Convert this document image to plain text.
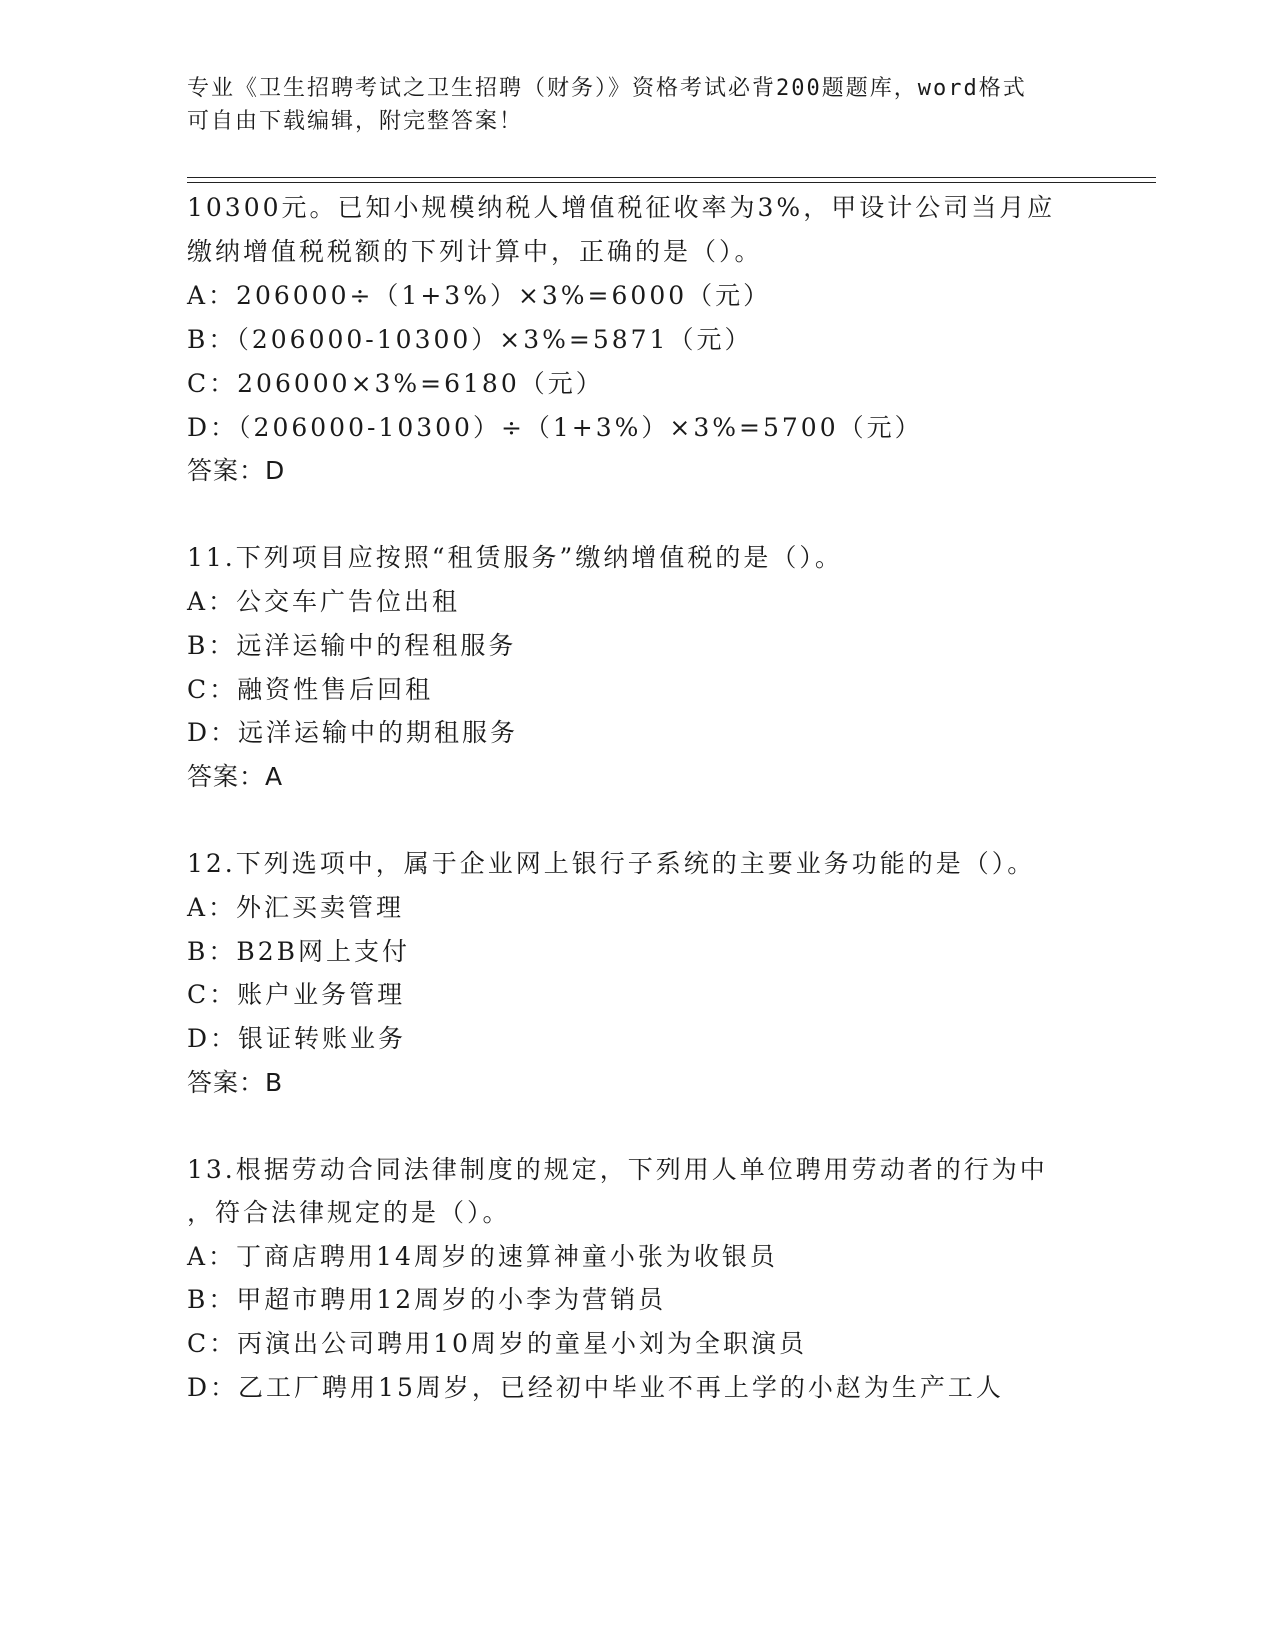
专业《卫生招聘考试之卫生招聘（财务）》资格考试必背200题题库，word格式
可自由下载编辑，附完整答案！
10300元。已知小规模纳税人增值税征收率为3%，甲设计公司当月应
缴纳增值税税额的下列计算中，正确的是（）。
A：206000÷（1+3%）×3%=6000（元）
B：（206000-10300）×3%=5871（元）
C：206000×3%=6180（元）
D：（206000-10300）÷（1+3%）×3%=5700（元）
答案：D
11.下列项目应按照“租赁服务”缴纳增值税的是（）。
A：公交车广告位出租
B：远洋运输中的程租服务
C：融资性售后回租
D：远洋运输中的期租服务
答案：A
12.下列选项中，属于企业网上银行子系统的主要业务功能的是（）。
A：外汇买卖管理
B：B2B网上支付
C：账户业务管理
D：银证转账业务
答案：B
13.根据劳动合同法律制度的规定，下列用人单位聘用劳动者的行为中
，符合法律规定的是（）。
A：丁商店聘用14周岁的速算神童小张为收银员
B：甲超市聘用12周岁的小李为营销员
C：丙演出公司聘用10周岁的童星小刘为全职演员
D：乙工厂聘用15周岁，已经初中毕业不再上学的小赵为生产工人
